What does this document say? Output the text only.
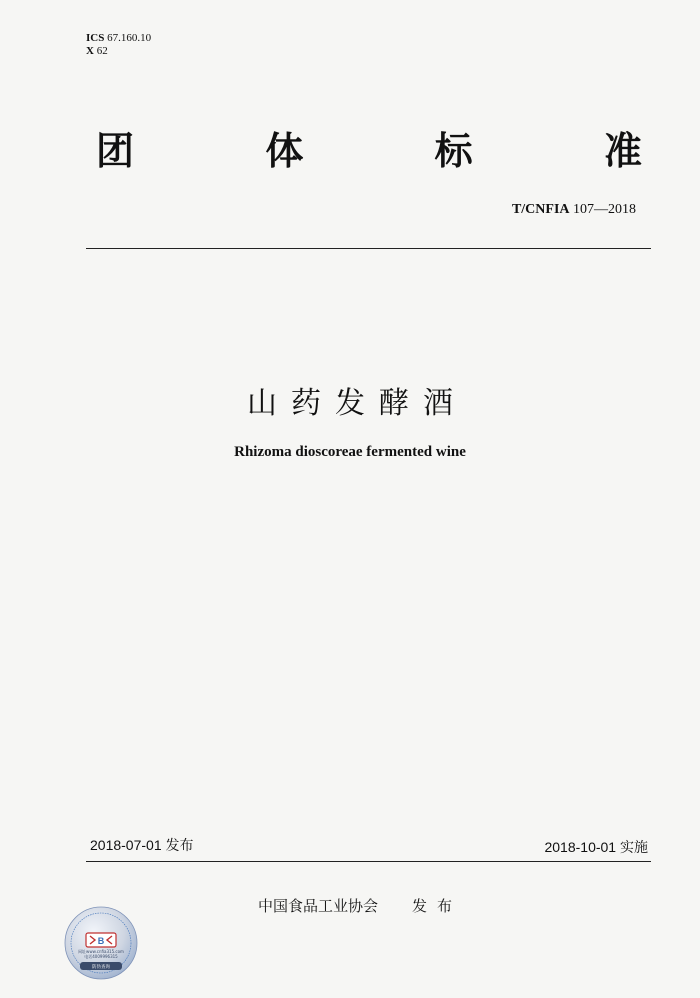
ICS 67.160.10
X 62
团	体	标	准
T/CNFIA 107—2018
山药发酵酒
Rhizoma dioscoreae fermented wine
2018-07-01 发布	2018-10-01 实施
中国食品工业协会 发布
B
网址www.cnfia315.com
电话4009996315
防伪查询
